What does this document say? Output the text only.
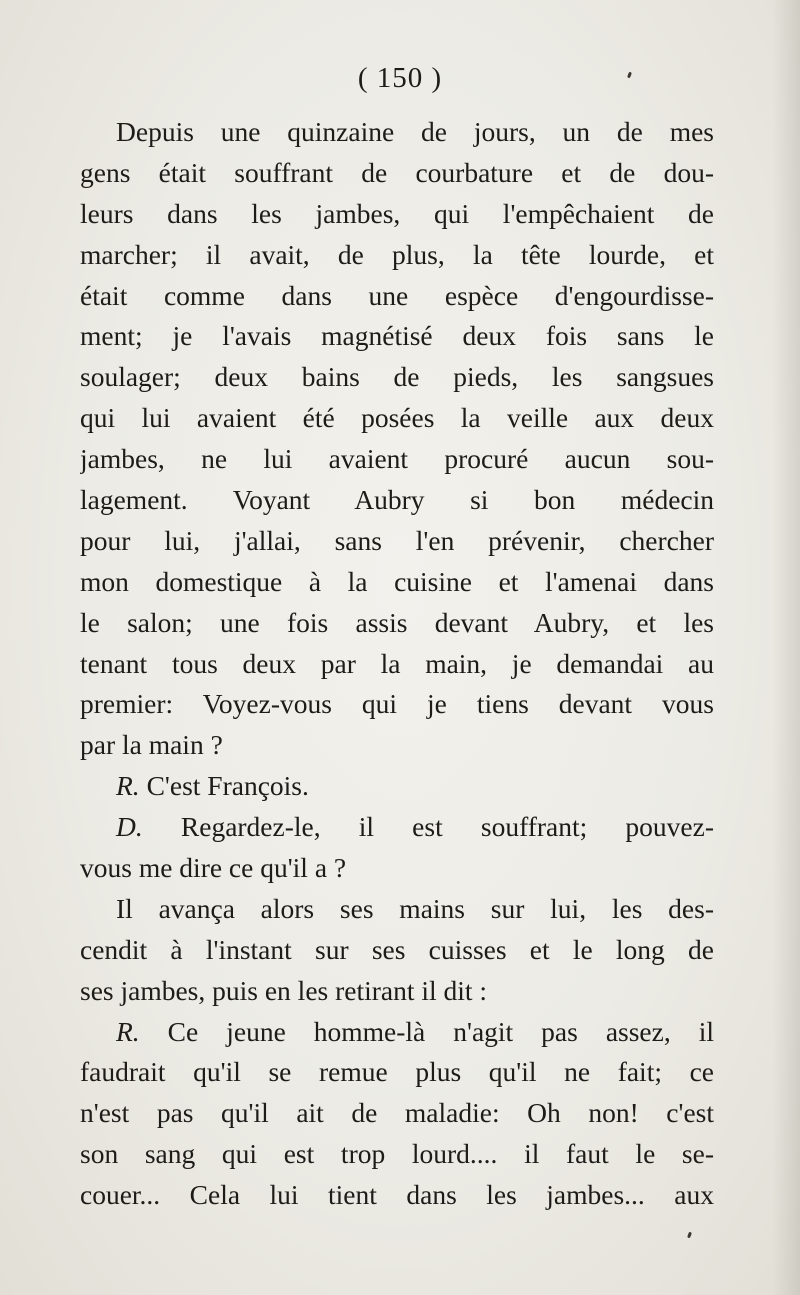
( 150 )
Depuis une quinzaine de jours, un de mes
gens était souffrant de courbature et de dou-
leurs dans les jambes, qui l'empêchaient de
marcher; il avait, de plus, la tête lourde, et
était comme dans une espèce d'engourdisse-
ment; je l'avais magnétisé deux fois sans le
soulager; deux bains de pieds, les sangsues
qui lui avaient été posées la veille aux deux
jambes, ne lui avaient procuré aucun sou-
lagement. Voyant Aubry si bon médecin
pour lui, j'allai, sans l'en prévenir, chercher
mon domestique à la cuisine et l'amenai dans
le salon; une fois assis devant Aubry, et les
tenant tous deux par la main, je demandai au
premier: Voyez-vous qui je tiens devant vous
par la main ?
R. C'est François.
D. Regardez-le, il est souffrant; pouvez-
vous me dire ce qu'il a ?
Il avança alors ses mains sur lui, les des-
cendit à l'instant sur ses cuisses et le long de
ses jambes, puis en les retirant il dit :
R. Ce jeune homme-là n'agit pas assez, il
faudrait qu'il se remue plus qu'il ne fait; ce
n'est pas qu'il ait de maladie: Oh non! c'est
son sang qui est trop lourd.... il faut le se-
couer... Cela lui tient dans les jambes... aux
